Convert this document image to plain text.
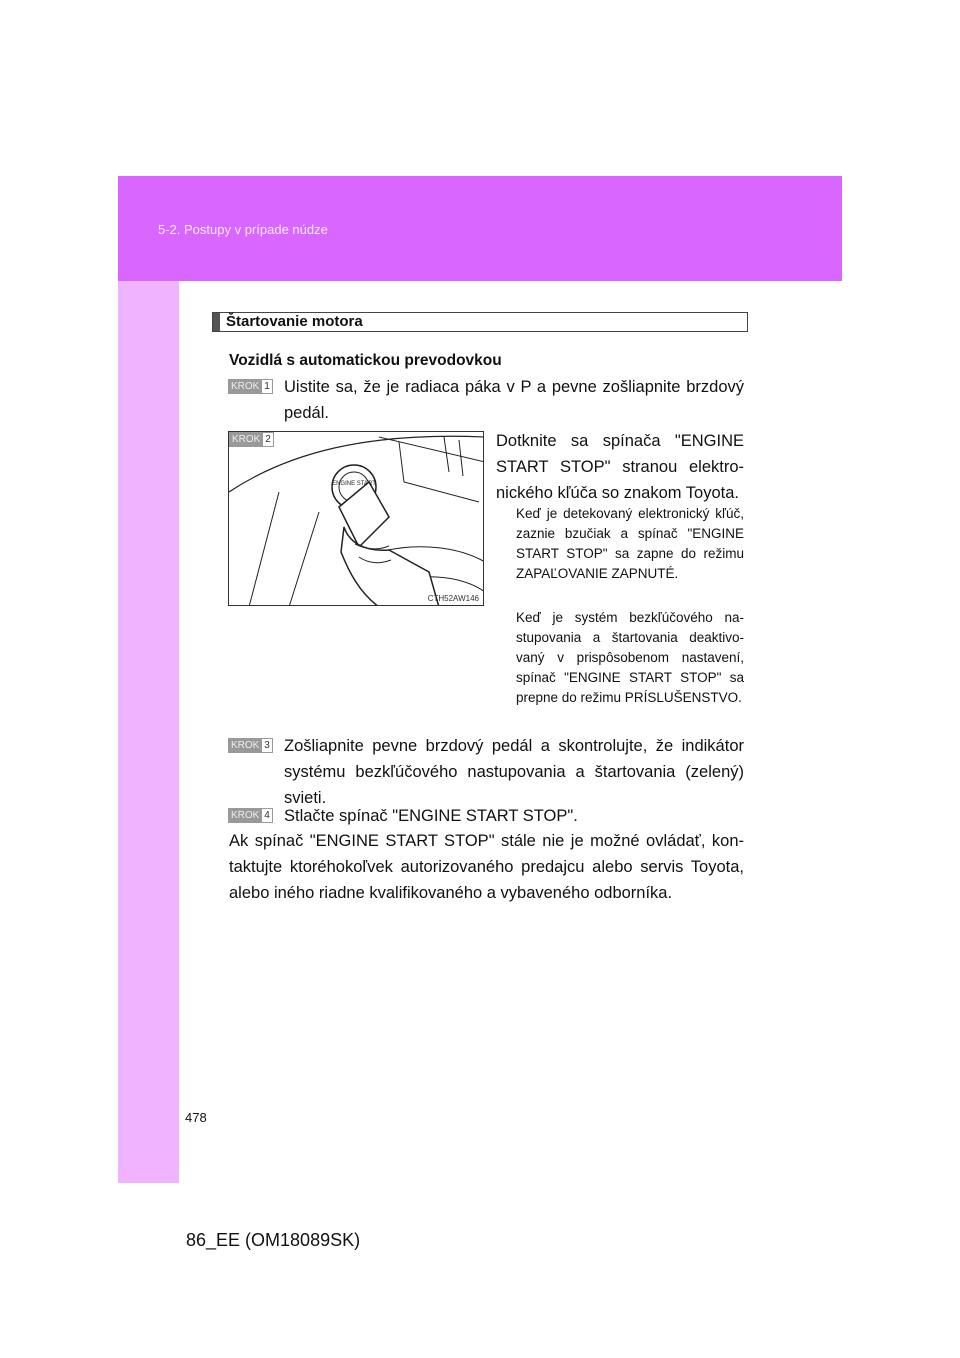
5-2. Postupy v prípade núdze
Štartovanie motora
Vozidlá s automatickou prevodovkou
KROK 1 Uistite sa, že je radiaca páka v P a pevne zošliapnite brzdový pedál.
ENGINE START
KROK 2
CTH52AW146
Dotknite sa spínača "ENGINE START STOP" stranou elektronického kľúča so znakom Toyota.
Keď je detekovaný elektronický kľúč, zaznie bzučiak a spínač "ENGINE START STOP" sa zapne do režimu ZAPAĽOVANIE ZAPNUTÉ.
Keď je systém bezkľúčového nastupovania a štartovania deaktivovaný v prispôsobenom nastavení, spínač "ENGINE START STOP" sa prepne do režimu PRÍSLUŠENSTVO.
KROK 3 Zošliapnite pevne brzdový pedál a skontrolujte, že indikátor systému bezkľúčového nastupovania a štartovania (zelený) svieti.
KROK 4 Stlačte spínač "ENGINE START STOP".
Ak spínač "ENGINE START STOP" stále nie je možné ovládať, kontaktujte ktoréhokoľvek autorizovaného predajcu alebo servis Toyota, alebo iného riadne kvalifikovaného a vybaveného odborníka.
478
86_EE (OM18089SK)
